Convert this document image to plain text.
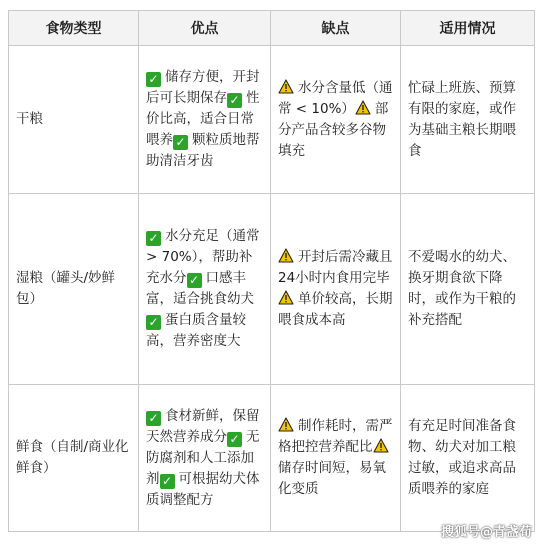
食物类型	优点	缺点	适用情况
干粮	✓ 储存方便，开封后可长期保存 ✓ 性价比高，适合日常喂养 ✓ 颗粒质地帮助清洁牙齿	水分含量低（通常 < 10%） 部分产品含较多谷物填充	忙碌上班族、预算有限的家庭，或作为基础主粮长期喂食
湿粮（罐头/妙鲜包）	✓ 水分充足（通常 > 70%），帮助补充水分 ✓ 口感丰富，适合挑食幼犬✓ 蛋白质含量较高，营养密度大	开封后需冷藏且24小时内食用完毕单价较高，长期喂食成本高	不爱喝水的幼犬、换牙期食欲下降时，或作为干粮的补充搭配
鲜食（自制/商业化鲜食）	✓ 食材新鲜，保留天然营养成分 ✓ 无防腐剂和人工添加剂 ✓ 可根据幼犬体质调整配方	制作耗时，需严格把控营养配比储存时间短，易氧化变质	有充足时间准备食物、幼犬对加工粮过敏，或追求高品质喂养的家庭
搜狐号@青盏荀
